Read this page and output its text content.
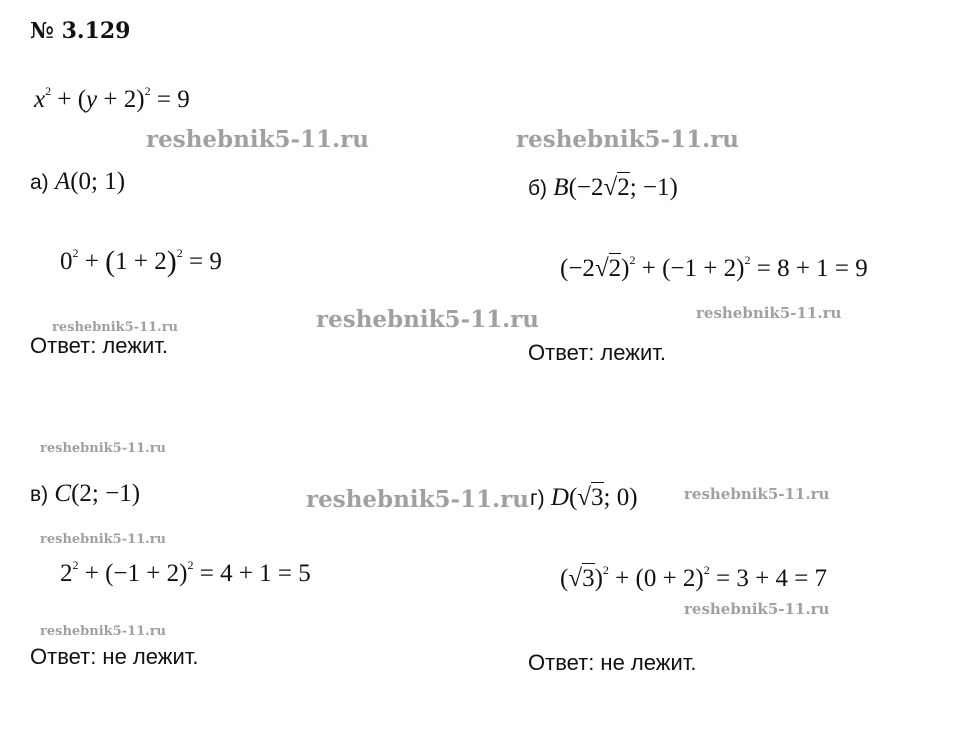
№ 3.129
$x^2 + (y + 2)^2 = 9$
а) A(0; 1)
$0^2 + (1 + 2)^2 = 9$
Ответ: лежит.
б) B(−2√2; −1)
$(-2√2)^2 + (-1 + 2)^2 = 8 + 1 = 9$
Ответ: лежит.
в) C(2; −1)
$2^2 + (-1 + 2)^2 = 4 + 1 = 5$
Ответ: не лежит.
г) D(√3; 0)
$(√3)^2 + (0 + 2)^2 = 3 + 4 = 7$
Ответ: не лежит.
reshebnik5-11.ru	reshebnik5-11.ru
reshebnik5-11.ru
reshebnik5-11.ru
reshebnik5-11.ru
reshebnik5-11.ru
reshebnik5-11.ru	reshebnik5-11.ru
reshebnik5-11.ru
reshebnik5-11.ru
reshebnik5-11.ru
